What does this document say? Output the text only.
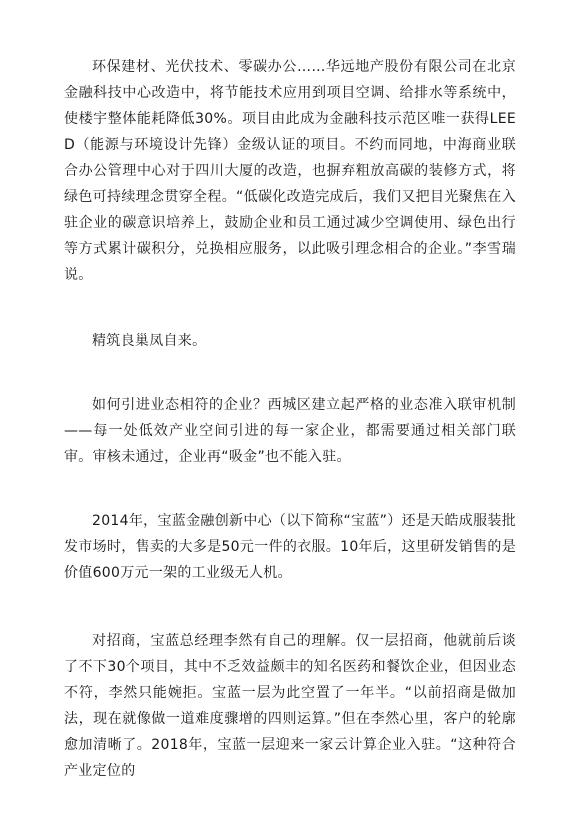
环保建材、光伏技术、零碳办公……华远地产股份有限公司在北京金融科技中心改造中，将节能技术应用到项目空调、给排水等系统中，使楼宇整体能耗降低30%。项目由此成为金融科技示范区唯一获得LEED（能源与环境设计先锋）金级认证的项目。不约而同地，中海商业联合办公管理中心对于四川大厦的改造，也摒弃粗放高碳的装修方式，将绿色可持续理念贯穿全程。“低碳化改造完成后，我们又把目光聚焦在入驻企业的碳意识培养上，鼓励企业和员工通过减少空调使用、绿色出行等方式累计碳积分，兑换相应服务，以此吸引理念相合的企业。”李雪瑞说。

精筑良巢凤自来。

如何引进业态相符的企业？西城区建立起严格的业态准入联审机制——每一处低效产业空间引进的每一家企业，都需要通过相关部门联审。审核未通过，企业再“吸金”也不能入驻。

2014年，宝蓝金融创新中心（以下简称“宝蓝”）还是天皓成服装批发市场时，售卖的大多是50元一件的衣服。10年后，这里研发销售的是价值600万元一架的工业级无人机。

对招商，宝蓝总经理李然有自己的理解。仅一层招商，他就前后谈了不下30个项目，其中不乏效益颇丰的知名医药和餐饮企业，但因业态不符，李然只能婉拒。宝蓝一层为此空置了一年半。“以前招商是做加法，现在就像做一道难度骤增的四则运算。”但在李然心里，客户的轮廓愈加清晰了。2018年，宝蓝一层迎来一家云计算企业入驻。“这种符合产业定位的
